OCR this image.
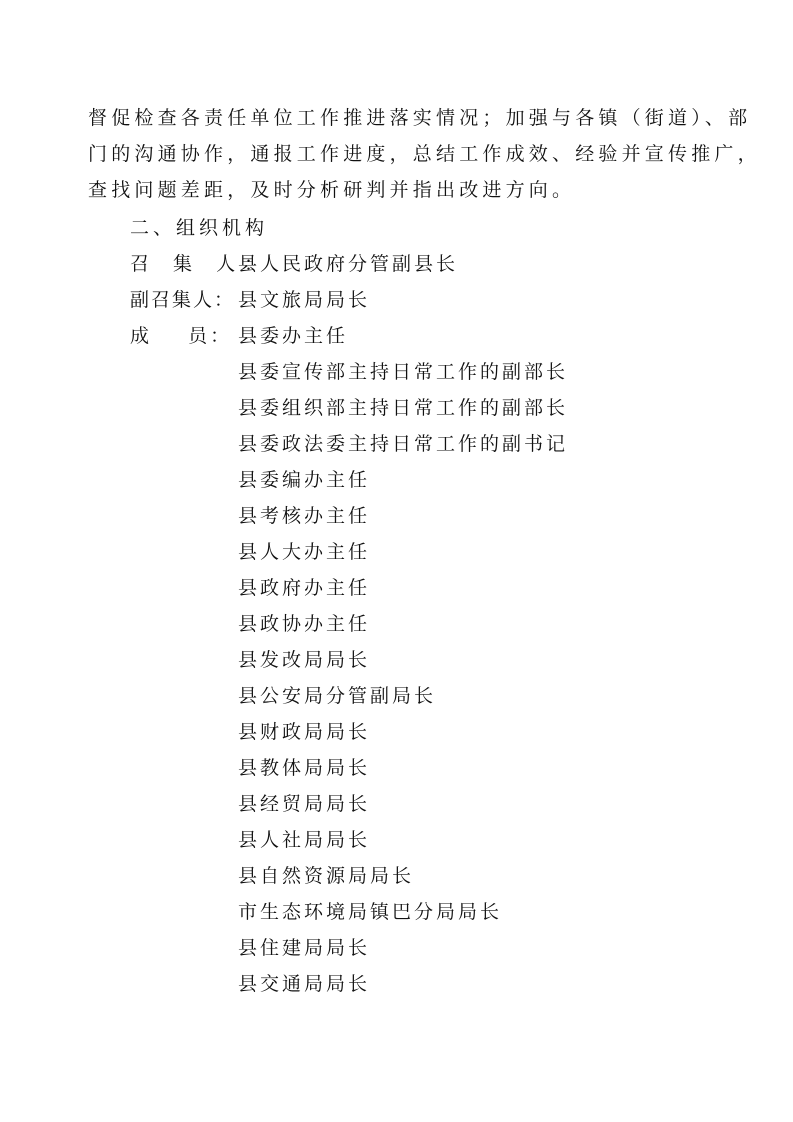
督促检查各责任单位工作推进落实情况；加强与各镇（街道）、部
门的沟通协作，通报工作进度，总结工作成效、经验并宣传推广，
查找问题差距，及时分析研判并指出改进方向。
二、组织机构
召 集 人：
县人民政府分管副县长
副召集人： 县文旅局局长
成    员： 县委办主任
县委宣传部主持日常工作的副部长
县委组织部主持日常工作的副部长
县委政法委主持日常工作的副书记
县委编办主任
县考核办主任
县人大办主任
县政府办主任
县政协办主任
县发改局局长
县公安局分管副局长
县财政局局长
县教体局局长
县经贸局局长
县人社局局长
县自然资源局局长
市生态环境局镇巴分局局长
县住建局局长
县交通局局长
